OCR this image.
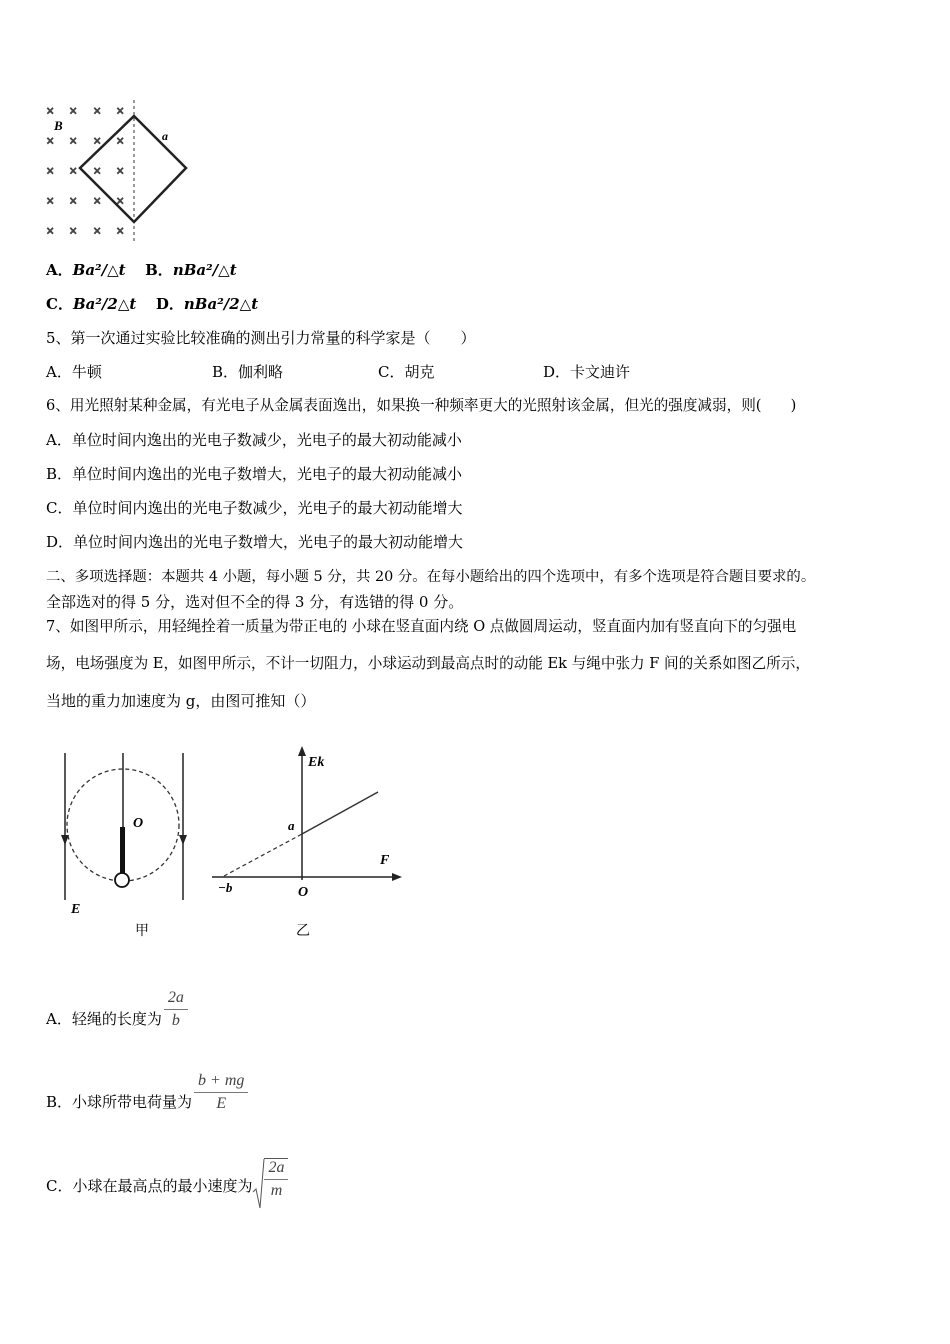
× × × ×
× × × ×
× × × ×
× × × ×
× × × ×
B
a
A．Ba²/△t B．nBa²/△t
C．Ba²/2△t D．nBa²/2△t
5、第一次通过实验比较准确的测出引力常量的科学家是（　　）
A．牛顿	B．伽利略	C．胡克	D．卡文迪许
6、用光照射某种金属，有光电子从金属表面逸出，如果换一种频率更大的光照射该金属，但光的强度减弱，则(　　)
A．单位时间内逸出的光电子数减少，光电子的最大初动能减小
B．单位时间内逸出的光电子数增大，光电子的最大初动能减小
C．单位时间内逸出的光电子数减少，光电子的最大初动能增大
D．单位时间内逸出的光电子数增大，光电子的最大初动能增大
二、多项选择题：本题共 4 小题，每小题 5 分，共 20 分。在每小题给出的四个选项中，有多个选项是符合题目要求的。
全部选对的得 5 分，选对但不全的得 3 分，有选错的得 0 分。
7、如图甲所示，用轻绳拴着一质量为带正电的 小球在竖直面内绕 O 点做圆周运动，竖直面内加有竖直向下的匀强电
场，电场强度为 E，如图甲所示，不计一切阻力，小球运动到最高点时的动能 Ek 与绳中张力 F 间的关系如图乙所示，
当地的重力加速度为 g，由图可推知（）
O
E
甲
Ek
a
F
O
−b
乙
A．轻绳的长度为 $\frac{2a}{b}$
B．小球所带电荷量为 $\frac{b + mg}{E}$
C．小球在最高点的最小速度为 $\frac{2a}{m}$
